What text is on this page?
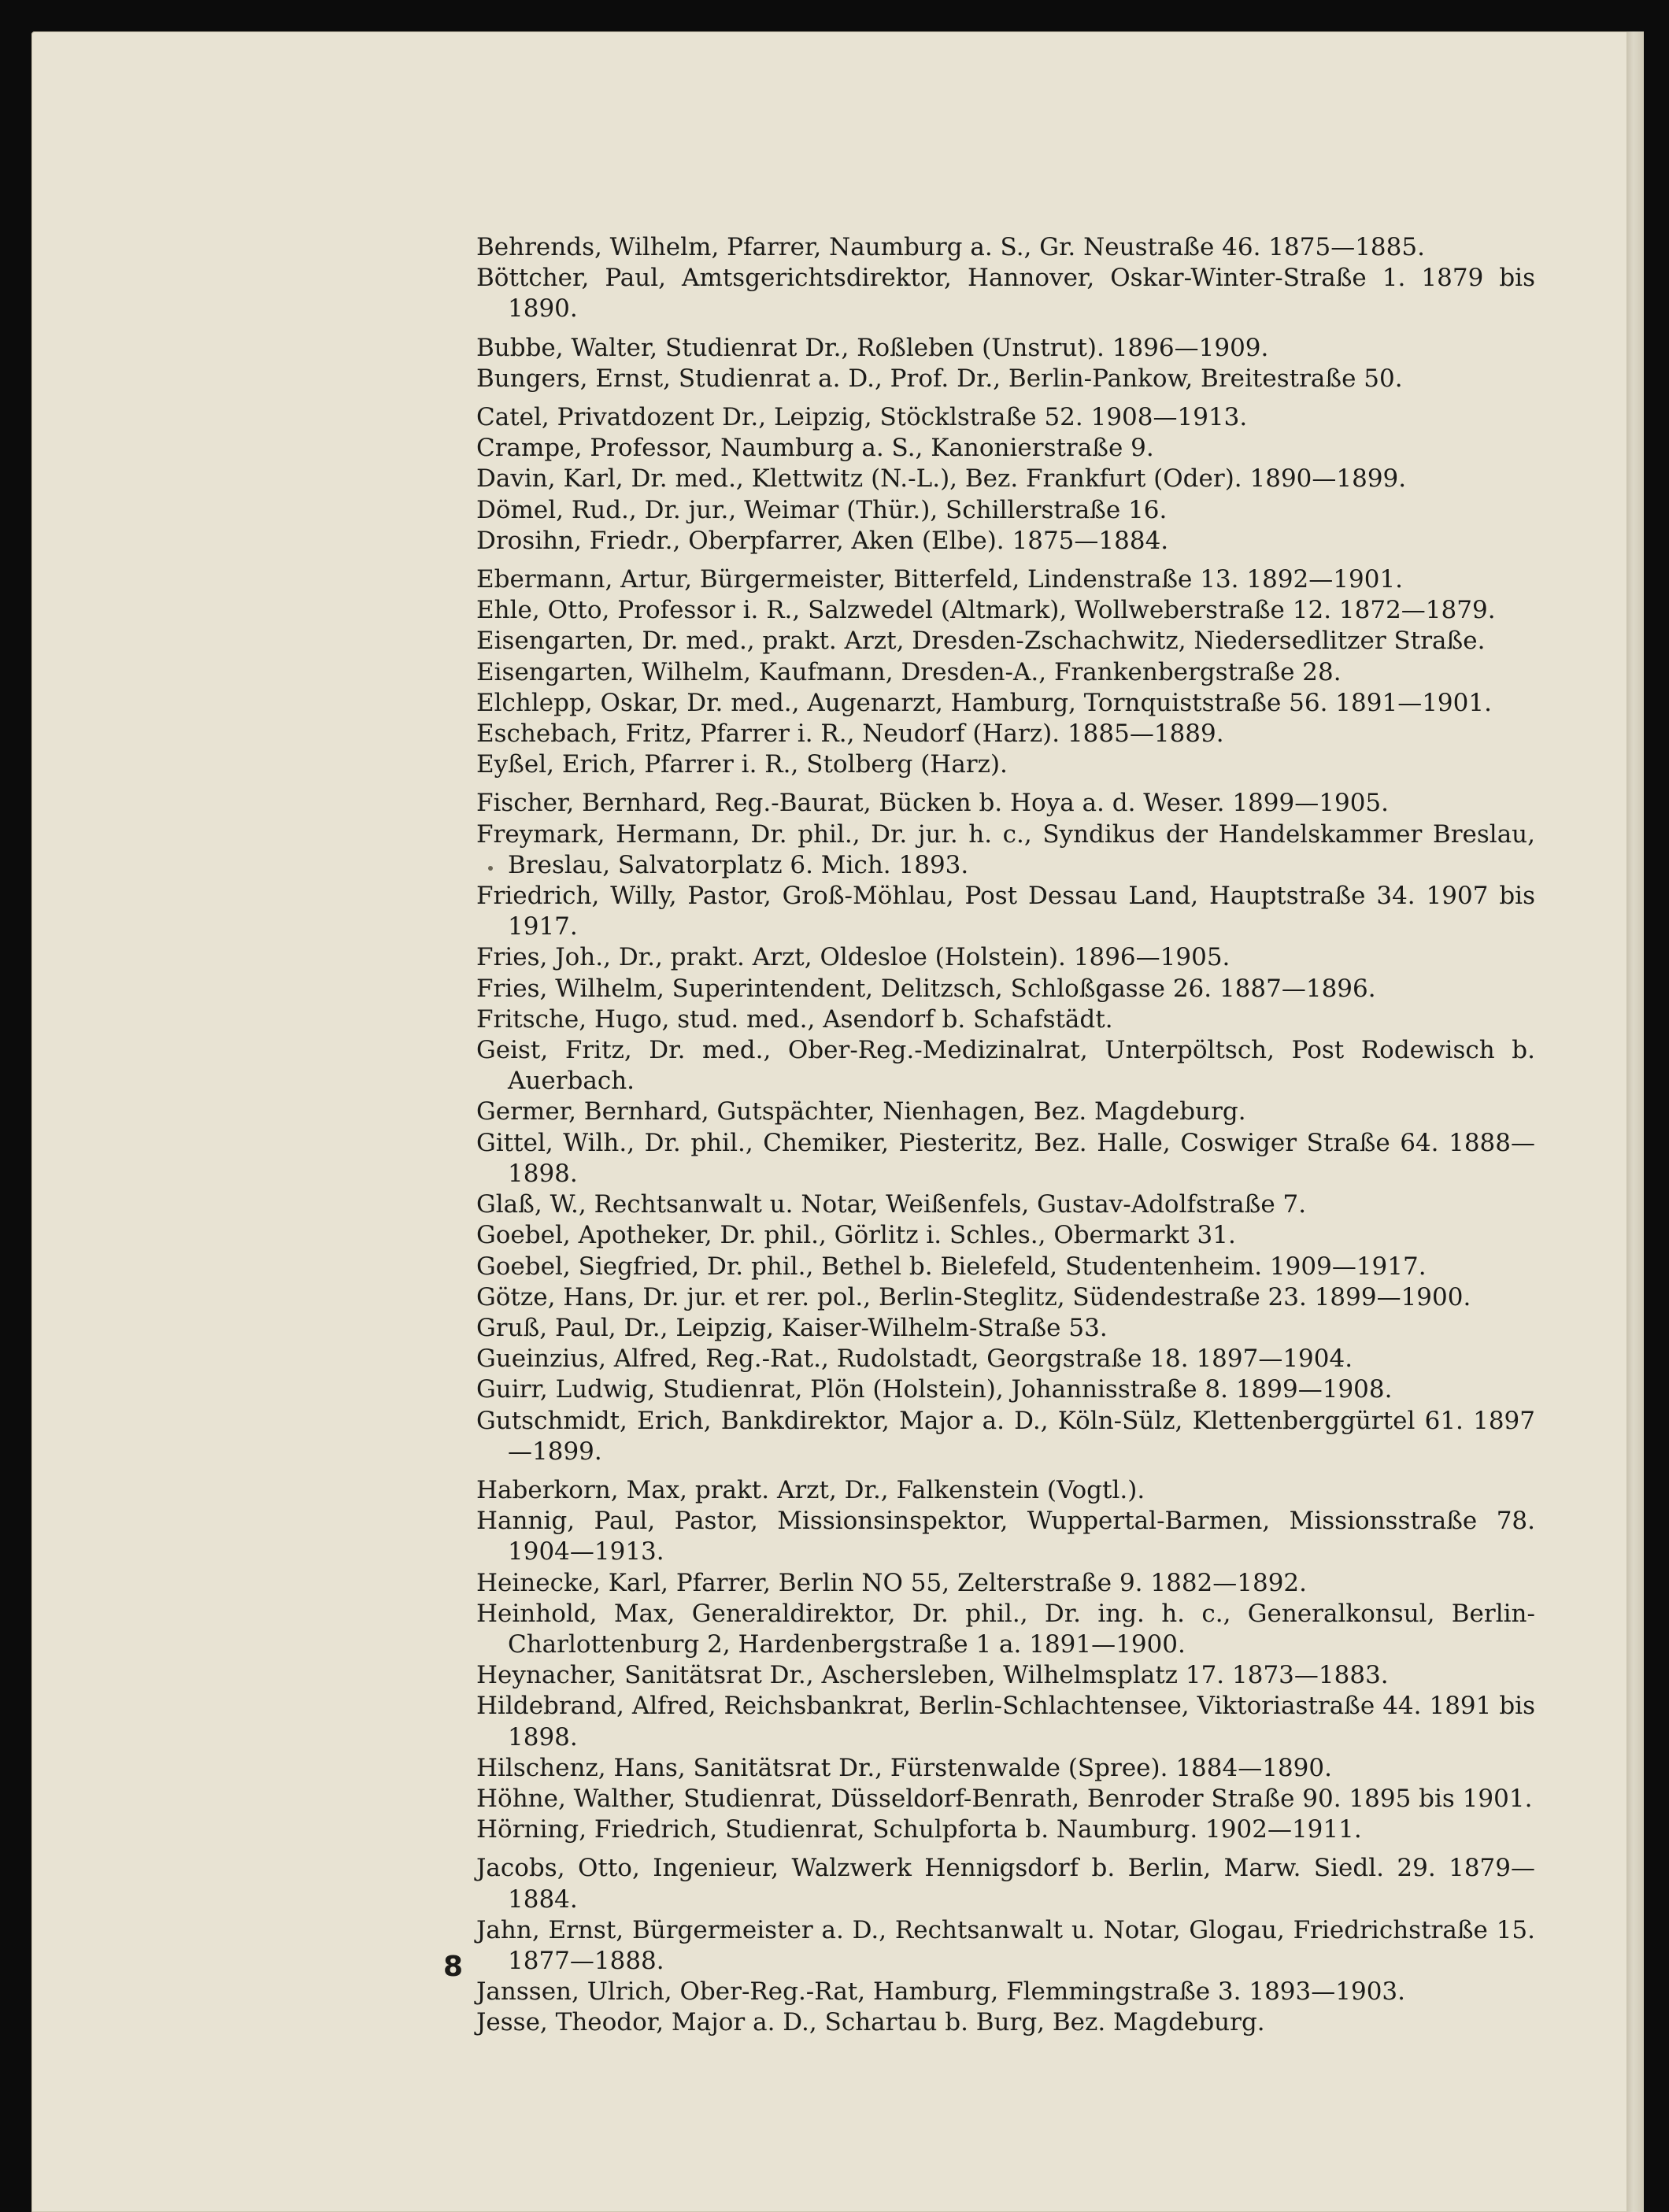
Behrends, Wilhelm, Pfarrer, Naumburg a. S., Gr. Neustraße 46. 1875—1885.
Böttcher, Paul, Amtsgerichtsdirektor, Hannover, Oskar-Winter-Straße 1. 1879 bis 1890.
Bubbe, Walter, Studienrat Dr., Roßleben (Unstrut). 1896—1909.
Bungers, Ernst, Studienrat a. D., Prof. Dr., Berlin-Pankow, Breitestraße 50.
Catel, Privatdozent Dr., Leipzig, Stöcklstraße 52. 1908—1913.
Crampe, Professor, Naumburg a. S., Kanonierstraße 9.
Davin, Karl, Dr. med., Klettwitz (N.-L.), Bez. Frankfurt (Oder). 1890—1899.
Dömel, Rud., Dr. jur., Weimar (Thür.), Schillerstraße 16.
Drosihn, Friedr., Oberpfarrer, Aken (Elbe). 1875—1884.
Ebermann, Artur, Bürgermeister, Bitterfeld, Lindenstraße 13. 1892—1901.
Ehle, Otto, Professor i. R., Salzwedel (Altmark), Wollweberstraße 12. 1872—1879.
Eisengarten, Dr. med., prakt. Arzt, Dresden-Zschachwitz, Niedersedlitzer Straße.
Eisengarten, Wilhelm, Kaufmann, Dresden-A., Frankenbergstraße 28.
Elchlepp, Oskar, Dr. med., Augenarzt, Hamburg, Tornquiststraße 56. 1891—1901.
Eschebach, Fritz, Pfarrer i. R., Neudorf (Harz). 1885—1889.
Eyßel, Erich, Pfarrer i. R., Stolberg (Harz).
Fischer, Bernhard, Reg.-Baurat, Bücken b. Hoya a. d. Weser. 1899—1905.
Freymark, Hermann, Dr. phil., Dr. jur. h. c., Syndikus der Handelskammer Breslau, Breslau, Salvatorplatz 6. Mich. 1893.
Friedrich, Willy, Pastor, Groß-Möhlau, Post Dessau Land, Hauptstraße 34. 1907 bis 1917.
Fries, Joh., Dr., prakt. Arzt, Oldesloe (Holstein). 1896—1905.
Fries, Wilhelm, Superintendent, Delitzsch, Schloßgasse 26. 1887—1896.
Fritsche, Hugo, stud. med., Asendorf b. Schafstädt.
Geist, Fritz, Dr. med., Ober-Reg.-Medizinalrat, Unterpöltsch, Post Rodewisch b. Auerbach.
Germer, Bernhard, Gutspächter, Nienhagen, Bez. Magdeburg.
Gittel, Wilh., Dr. phil., Chemiker, Piesteritz, Bez. Halle, Coswiger Straße 64. 1888—1898.
Glaß, W., Rechtsanwalt u. Notar, Weißenfels, Gustav-Adolfstraße 7.
Goebel, Apotheker, Dr. phil., Görlitz i. Schles., Obermarkt 31.
Goebel, Siegfried, Dr. phil., Bethel b. Bielefeld, Studentenheim. 1909—1917.
Götze, Hans, Dr. jur. et rer. pol., Berlin-Steglitz, Südendestraße 23. 1899—1900.
Gruß, Paul, Dr., Leipzig, Kaiser-Wilhelm-Straße 53.
Gueinzius, Alfred, Reg.-Rat., Rudolstadt, Georgstraße 18. 1897—1904.
Guirr, Ludwig, Studienrat, Plön (Holstein), Johannisstraße 8. 1899—1908.
Gutschmidt, Erich, Bankdirektor, Major a. D., Köln-Sülz, Klettenberggürtel 61. 1897—1899.
Haberkorn, Max, prakt. Arzt, Dr., Falkenstein (Vogtl.).
Hannig, Paul, Pastor, Missionsinspektor, Wuppertal-Barmen, Missionsstraße 78. 1904—1913.
Heinecke, Karl, Pfarrer, Berlin NO 55, Zelterstraße 9. 1882—1892.
Heinhold, Max, Generaldirektor, Dr. phil., Dr. ing. h. c., Generalkonsul, Berlin-Charlottenburg 2, Hardenbergstraße 1 a. 1891—1900.
Heynacher, Sanitätsrat Dr., Aschersleben, Wilhelmsplatz 17. 1873—1883.
Hildebrand, Alfred, Reichsbankrat, Berlin-Schlachtensee, Viktoriastraße 44. 1891 bis 1898.
Hilschenz, Hans, Sanitätsrat Dr., Fürstenwalde (Spree). 1884—1890.
Höhne, Walther, Studienrat, Düsseldorf-Benrath, Benroder Straße 90. 1895 bis 1901.
Hörning, Friedrich, Studienrat, Schulpforta b. Naumburg. 1902—1911.
Jacobs, Otto, Ingenieur, Walzwerk Hennigsdorf b. Berlin, Marw. Siedl. 29. 1879—1884.
Jahn, Ernst, Bürgermeister a. D., Rechtsanwalt u. Notar, Glogau, Friedrichstraße 15. 1877—1888.
Janssen, Ulrich, Ober-Reg.-Rat, Hamburg, Flemmingstraße 3. 1893—1903.
Jesse, Theodor, Major a. D., Schartau b. Burg, Bez. Magdeburg.
8
